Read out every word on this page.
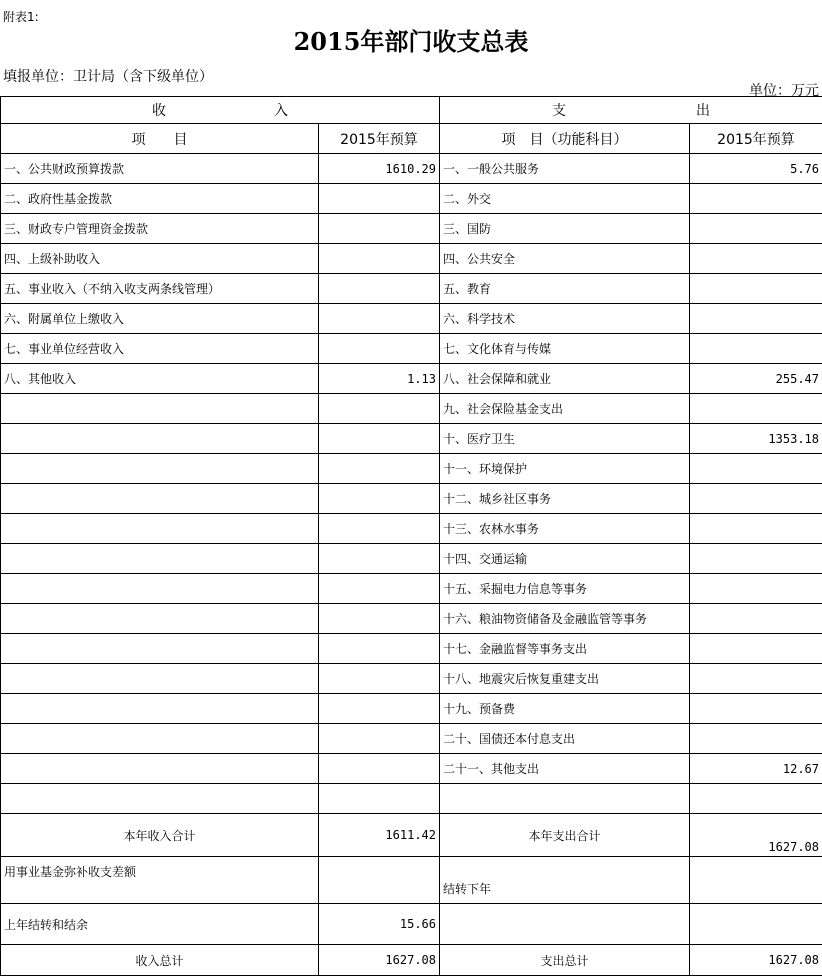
附表1:
2015年部门收支总表
填报单位：卫计局（含下级单位）
单位：万元
收 入		支 出	
项　　目	2015年预算	项　目（功能科目）	2015年预算
一、公共财政预算拨款	1610.29	一、一般公共服务	5.76
二、政府性基金拨款		二、外交	
三、财政专户管理资金拨款		三、国防	
四、上级补助收入		四、公共安全	
五、事业收入（不纳入收支两条线管理）		五、教育	
六、附属单位上缴收入		六、科学技术	
七、事业单位经营收入		七、文化体育与传媒	
八、其他收入	1.13	八、社会保障和就业	255.47
		九、社会保险基金支出	
		十、医疗卫生	1353.18
		十一、环境保护	
		十二、城乡社区事务	
		十三、农林水事务	
		十四、交通运输	
		十五、采掘电力信息等事务	
		十六、粮油物资储备及金融监管等事务	
		十七、金融监督等事务支出	
		十八、地震灾后恢复重建支出	
		十九、预备费	
		二十、国债还本付息支出	
		二十一、其他支出	12.67

本年收入合计	1611.42	本年支出合计	1627.08
用事业基金弥补收支差额		结转下年	
上年结转和结余	15.66		
收入总计	1627.08	支出总计	1627.08
